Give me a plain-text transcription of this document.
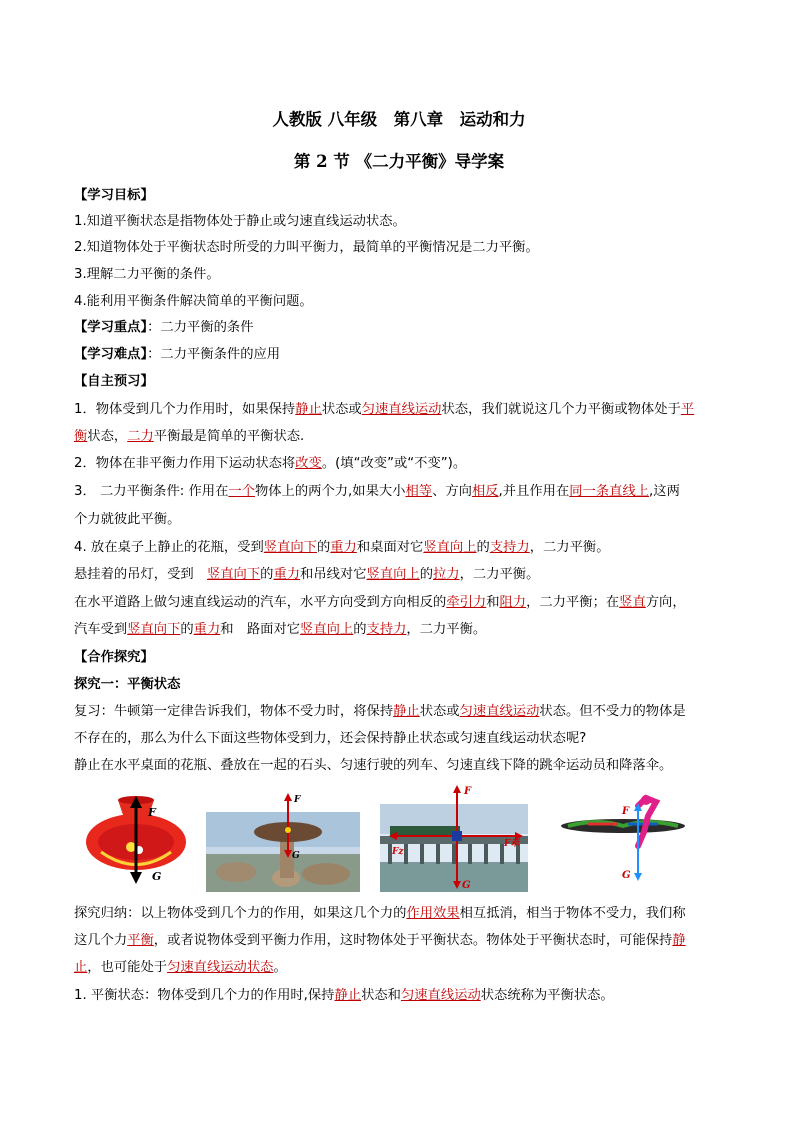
人教版 八年级　第八章　运动和力
第 2 节 《二力平衡》导学案
【学习目标】
1.知道平衡状态是指物体处于静止或匀速直线运动状态。
2.知道物体处于平衡状态时所受的力叫平衡力，最简单的平衡情况是二力平衡。
3.理解二力平衡的条件。
4.能利用平衡条件解决简单的平衡问题。
【学习重点】：二力平衡的条件
【学习难点】：二力平衡条件的应用
【自主预习】
1．物体受到几个力作用时，如果保持静止状态或匀速直线运动状态，我们就说这几个力平衡或物体处于平
衡状态，二力平衡最是简单的平衡状态.
2．物体在非平衡力作用下运动状态将改变。(填“改变”或“不变”)。
3． 二力平衡条件: 作用在一个物体上的两个力,如果大小相等、方向相反,并且作用在同一条直线上,这两
个力就彼此平衡。
4. 放在桌子上静止的花瓶，受到竖直向下的重力和桌面对它竖直向上的支持力，二力平衡。
悬挂着的吊灯，受到　竖直向下的重力和吊线对它竖直向上的拉力，二力平衡。
在水平道路上做匀速直线运动的汽车，水平方向受到方向相反的牵引力和阻力，二力平衡；在竖直方向，
汽车受到竖直向下的重力和　路面对它竖直向上的支持力，二力平衡。
【合作探究】
探究一：平衡状态
复习：牛顿第一定律告诉我们，物体不受力时，将保持静止状态或匀速直线运动状态。但不受力的物体是
不存在的，那么为什么下面这些物体受到力，还会保持静止状态或匀速直线运动状态呢?
静止在水平桌面的花瓶、叠放在一起的石头、匀速行驶的列车、匀速直线下降的跳伞运动员和降落伞。
F
G
F
G
F
F牵
Fz
G
F
G
探究归纳：以上物体受到几个力的作用，如果这几个力的作用效果相互抵消，相当于物体不受力，我们称
这几个力平衡，或者说物体受到平衡力作用，这时物体处于平衡状态。物体处于平衡状态时，可能保持静
止，也可能处于匀速直线运动状态。
1. 平衡状态：物体受到几个力的作用时,保持静止状态和匀速直线运动状态统称为平衡状态。
